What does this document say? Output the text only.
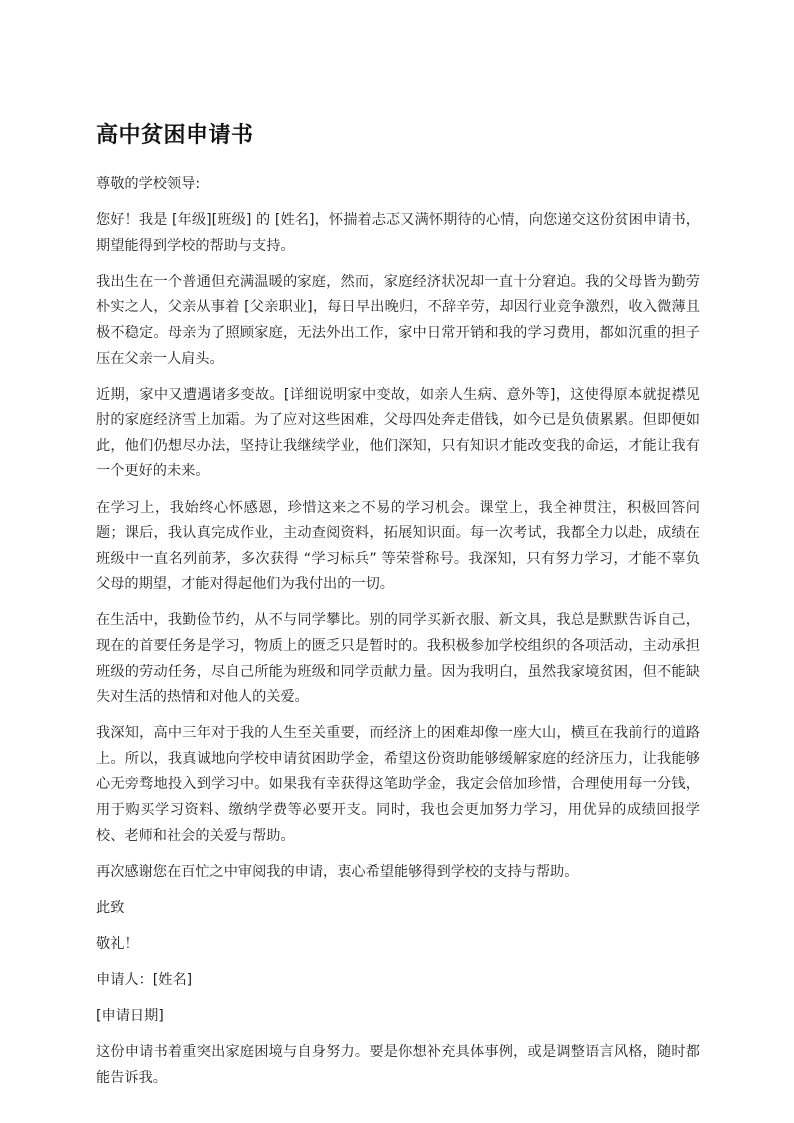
高中贫困申请书

尊敬的学校领导:

您好！我是 [年级][班级] 的 [姓名]，怀揣着忐忑又满怀期待的心情，向您递交这份贫困申请书，期望能得到学校的帮助与支持。

我出生在一个普通但充满温暖的家庭，然而，家庭经济状况却一直十分窘迫。我的父母皆为勤劳朴实之人，父亲从事着 [父亲职业]，每日早出晚归，不辞辛劳，却因行业竞争激烈，收入微薄且极不稳定。母亲为了照顾家庭，无法外出工作，家中日常开销和我的学习费用，都如沉重的担子压在父亲一人肩头。

近期，家中又遭遇诸多变故。[详细说明家中变故，如亲人生病、意外等]，这使得原本就捉襟见肘的家庭经济雪上加霜。为了应对这些困难，父母四处奔走借钱，如今已是负债累累。但即便如此，他们仍想尽办法，坚持让我继续学业，他们深知，只有知识才能改变我的命运，才能让我有一个更好的未来。

在学习上，我始终心怀感恩，珍惜这来之不易的学习机会。课堂上，我全神贯注，积极回答问题；课后，我认真完成作业，主动查阅资料，拓展知识面。每一次考试，我都全力以赴，成绩在班级中一直名列前茅，多次获得 “学习标兵” 等荣誉称号。我深知，只有努力学习，才能不辜负父母的期望，才能对得起他们为我付出的一切。

在生活中，我勤俭节约，从不与同学攀比。别的同学买新衣服、新文具，我总是默默告诉自己，现在的首要任务是学习，物质上的匮乏只是暂时的。我积极参加学校组织的各项活动，主动承担班级的劳动任务，尽自己所能为班级和同学贡献力量。因为我明白，虽然我家境贫困，但不能缺失对生活的热情和对他人的关爱。

我深知，高中三年对于我的人生至关重要，而经济上的困难却像一座大山，横亘在我前行的道路上。所以，我真诚地向学校申请贫困助学金，希望这份资助能够缓解家庭的经济压力，让我能够心无旁骛地投入到学习中。如果我有幸获得这笔助学金，我定会倍加珍惜，合理使用每一分钱，用于购买学习资料、缴纳学费等必要开支。同时，我也会更加努力学习，用优异的成绩回报学校、老师和社会的关爱与帮助。

再次感谢您在百忙之中审阅我的申请，衷心希望能够得到学校的支持与帮助。

此致

敬礼！

申请人：[姓名]

[申请日期]

这份申请书着重突出家庭困境与自身努力。要是你想补充具体事例，或是调整语言风格，随时都能告诉我。
